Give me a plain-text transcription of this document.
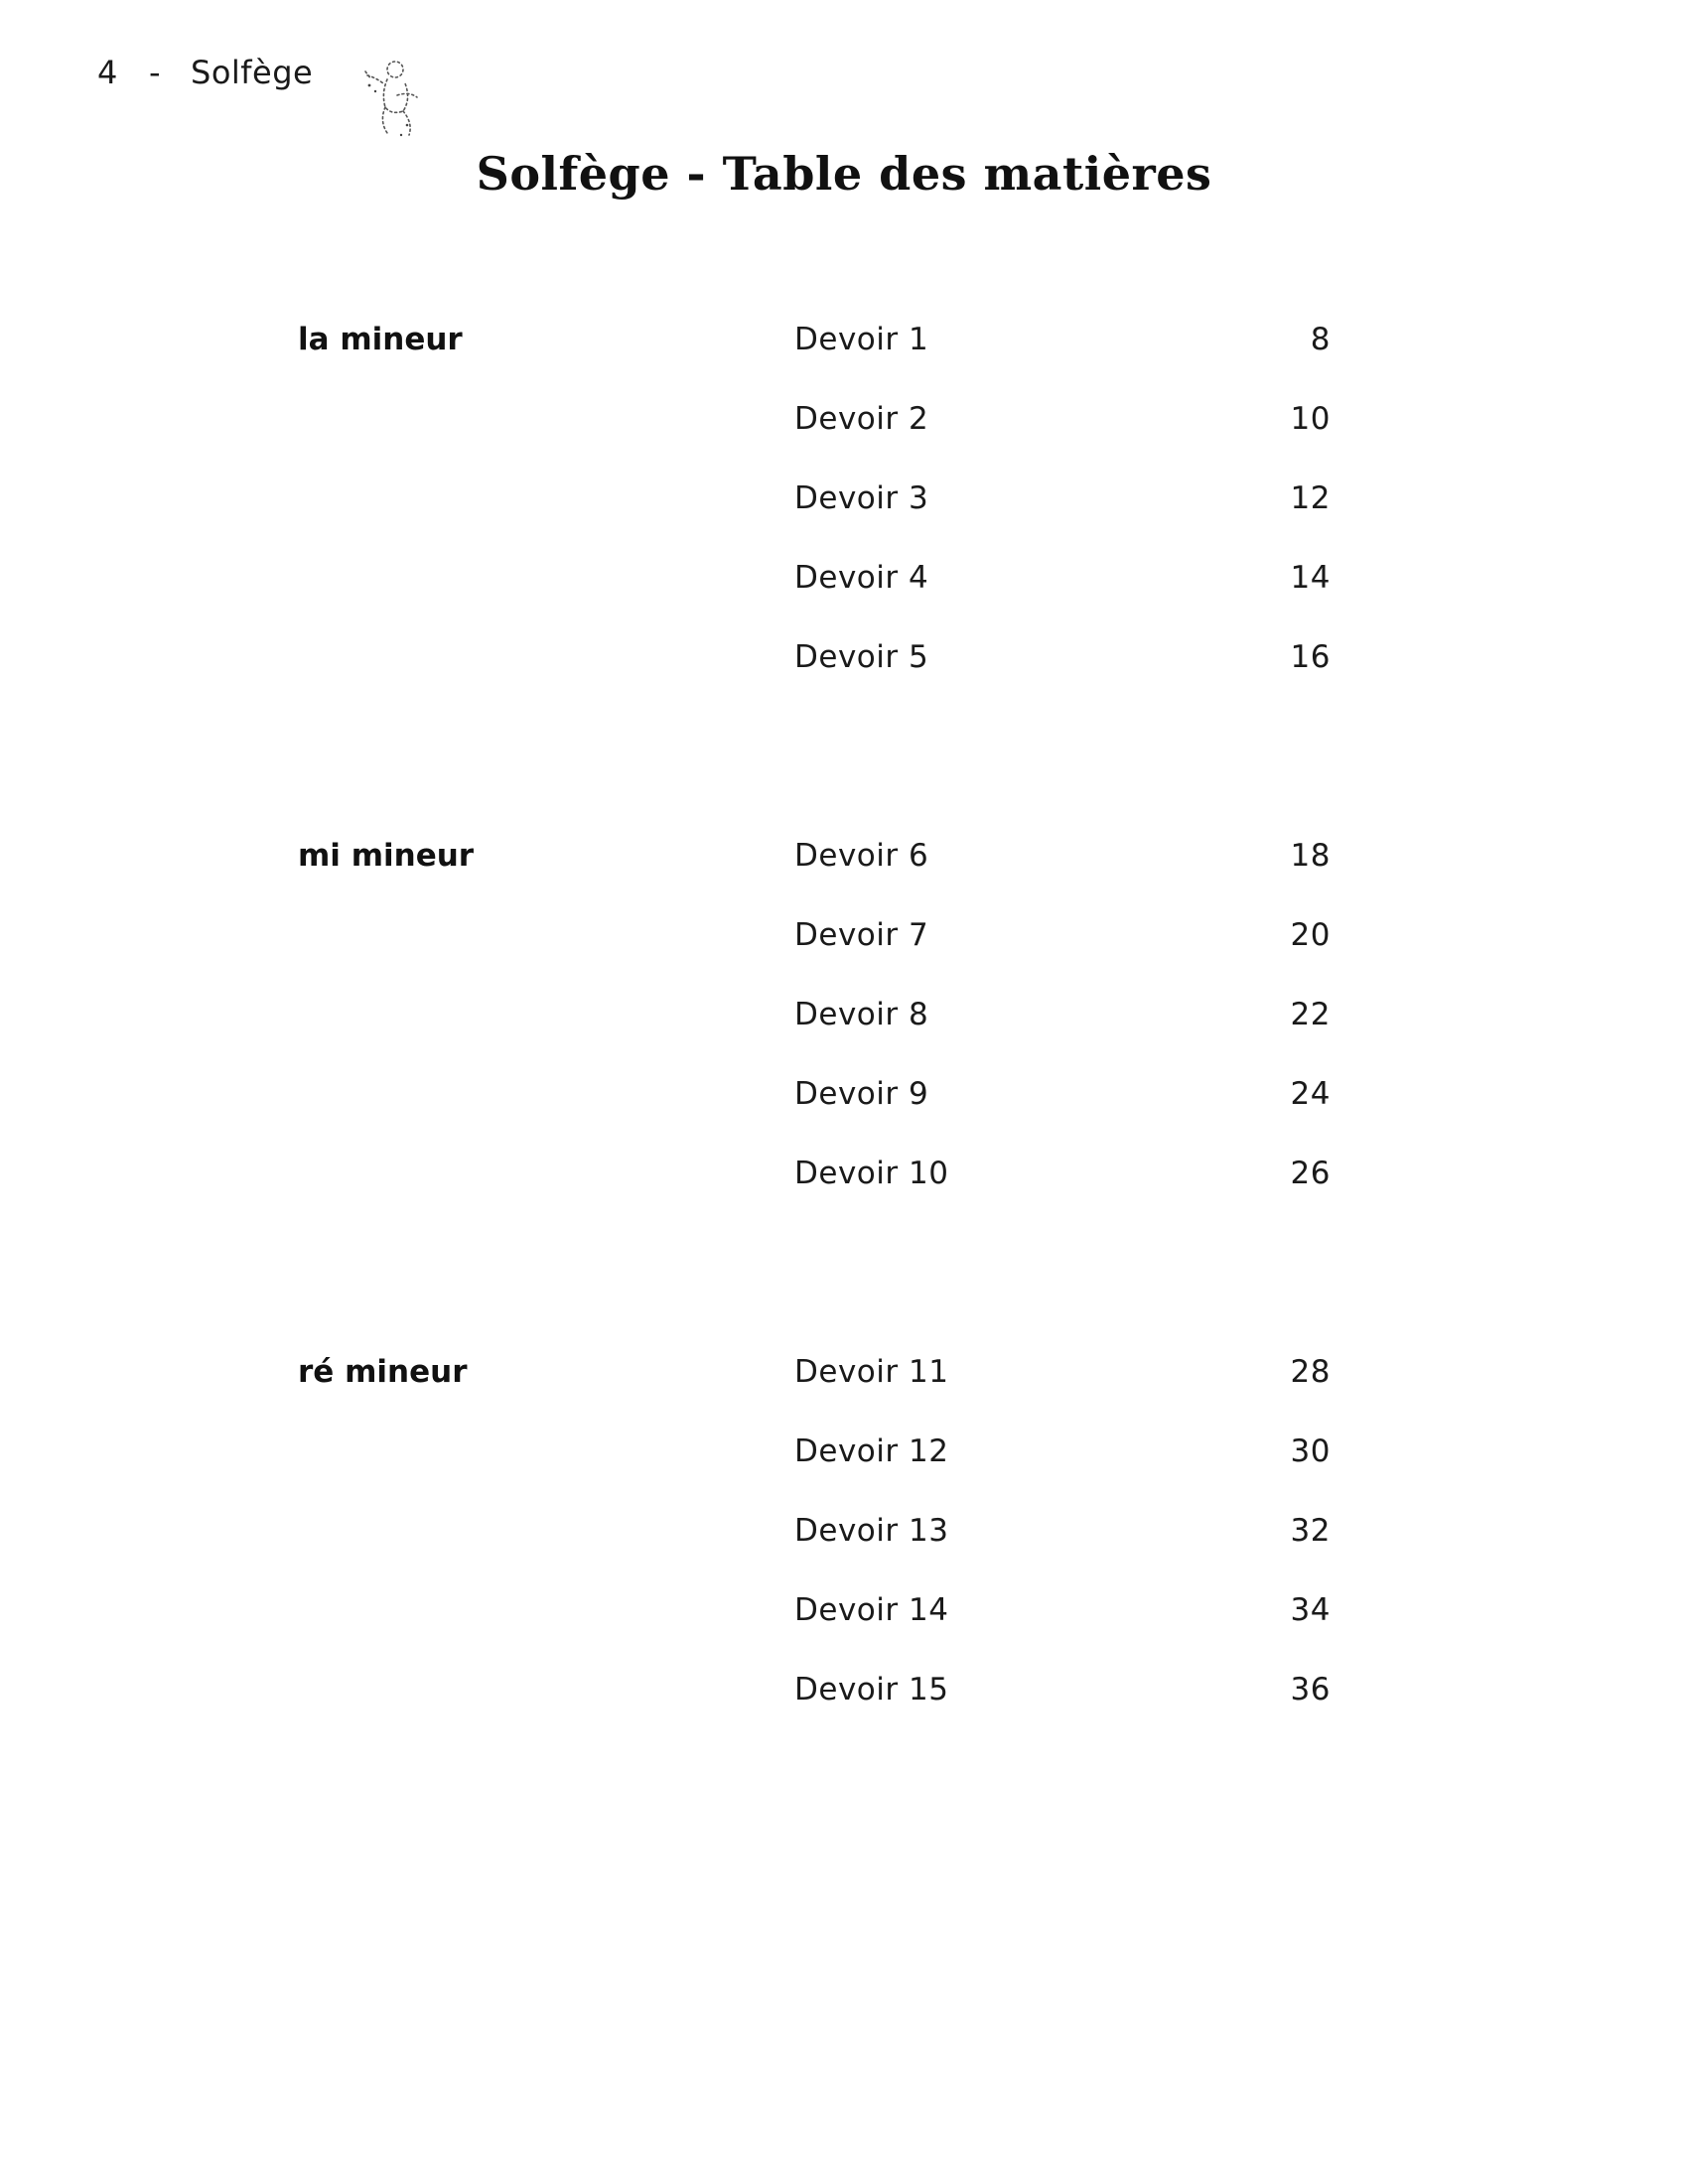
4 - Solfège
Solfège - Table des matières
la mineur	Devoir 1	8
Devoir 2	10
Devoir 3	12
Devoir 4	14
Devoir 5	16
mi mineur	Devoir 6	18
Devoir 7	20
Devoir 8	22
Devoir 9	24
Devoir 10	26
ré mineur	Devoir 11	28
Devoir 12	30
Devoir 13	32
Devoir 14	34
Devoir 15	36
